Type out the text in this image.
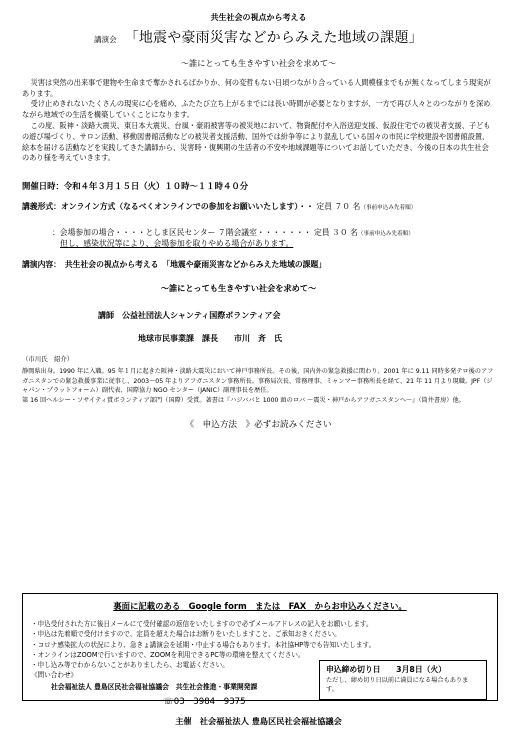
共生社会の視点から考える
講演会 「地震や豪雨災害などからみえた地域の課題」
～誰にとっても生きやすい社会を求めて～

災害は突然の出来事で建物や生命まで奪かされるばかりか、何の変哲もない日頃つながり合っている人間模様までもが無くなってしまう現実があります。

受け止めきれないたくさんの現実に心を痛め、ふたたび立ち上がるまでには長い時間が必要となりますが、一方で再び人々とのつながりを深めながら地域での生活を構築していくことになります。

この度、阪神・淡路大震災、東日本大震災、台風・豪雨被害等の被災地において、物資配付や入浴送迎支援、仮設住宅での被災者支援、子どもの遊び場づくり、サロン活動、移動図書館活動などの被災者支援活動、国外では紛争等により混乱している国々の市民に学校建設や図書館設置、絵本を届ける活動などを実践してきた講師から、災害時・復興期の生活者の不安や地域課題等についてお話していただき、今後の日本の共生社会のあり様を考えていきます。

開催日時：令和４年３月１５日（火）１０時～１１時４０分
講義形式：オンライン方式（なるべくオンラインでの参加をお願いいたします）・・ 定員 ７０ 名（事前申込み先着順）
：会場参加の場合・・・・としま区民センター ７階会議室・・・・・・・ 定員 ３０ 名（事前申込み先着順）
但し、感染状況等により、会場参加を取りやめる場合があります。
講演内容：　共生社会の視点から考える　「地震や豪雨災害などからみえた地域の課題」
～誰にとっても生きやすい社会を求めて～
講師　公益社団法人シャンティ国際ボランティア会
地球市民事業課　課長　　市川　斉　氏
（市川氏　紹介）

静岡県出身。1990 年に入職。95 年１月に起きた阪神・淡路大震災において神戸事務所長。その後、国内外の緊急救援に関わり、2001 年に 9.11 同時多発テロ後のアフガニスタンでの緊急救援事業に従事し、2003～05 年よりアフガニスタン事務所長。事務局次長、常務理事、ミャンマー事務所長を経て、21 年 11 月より現職。JPF（ジャパン・プラットフォーム）副代表、国際協力 NGO センター（JANIC）副理事長を歴任。

第 16 回ヘルシー・ソサイティ賞ボランティア部門（国際）受賞。著書は『ハジババと 1000 頭のロバ ～震災・神戸からアフガニスタンへ～』（筒井書房）他。

《　申込方法　》必ずお読みください
裏面に記載のある　Google form　または　FAX　からお申込みください。
・申込受付された方に後日メールにて受付確認の返信をいたしますので必ずメールアドレスの記入をお願いします。
・申込は先着順で受付けますので、定員を超えた場合はお断りをいたしますこと、ご承知おきください。
・コロナ感染拡大の状況により、急きょ講演会を延期・中止する場合もあります。本社協HP等でも告知いたします。
・オンラインはZOOMで行いますので、ZOOMを利用できるPC等の環境を整えてください。
・申し込み等でわからないことがありましたら、お電話ください。
《問い合わせ》
社会福祉法人 豊島区民社会福祉協議会　共生社会推進・事業開発課
☏03－3984－9375
申込締め切り日　　3月8日（火）
ただし、締め切り日以前に満員になる場合もあります。
主催　社会福祉法人 豊島区民社会福祉協議会
